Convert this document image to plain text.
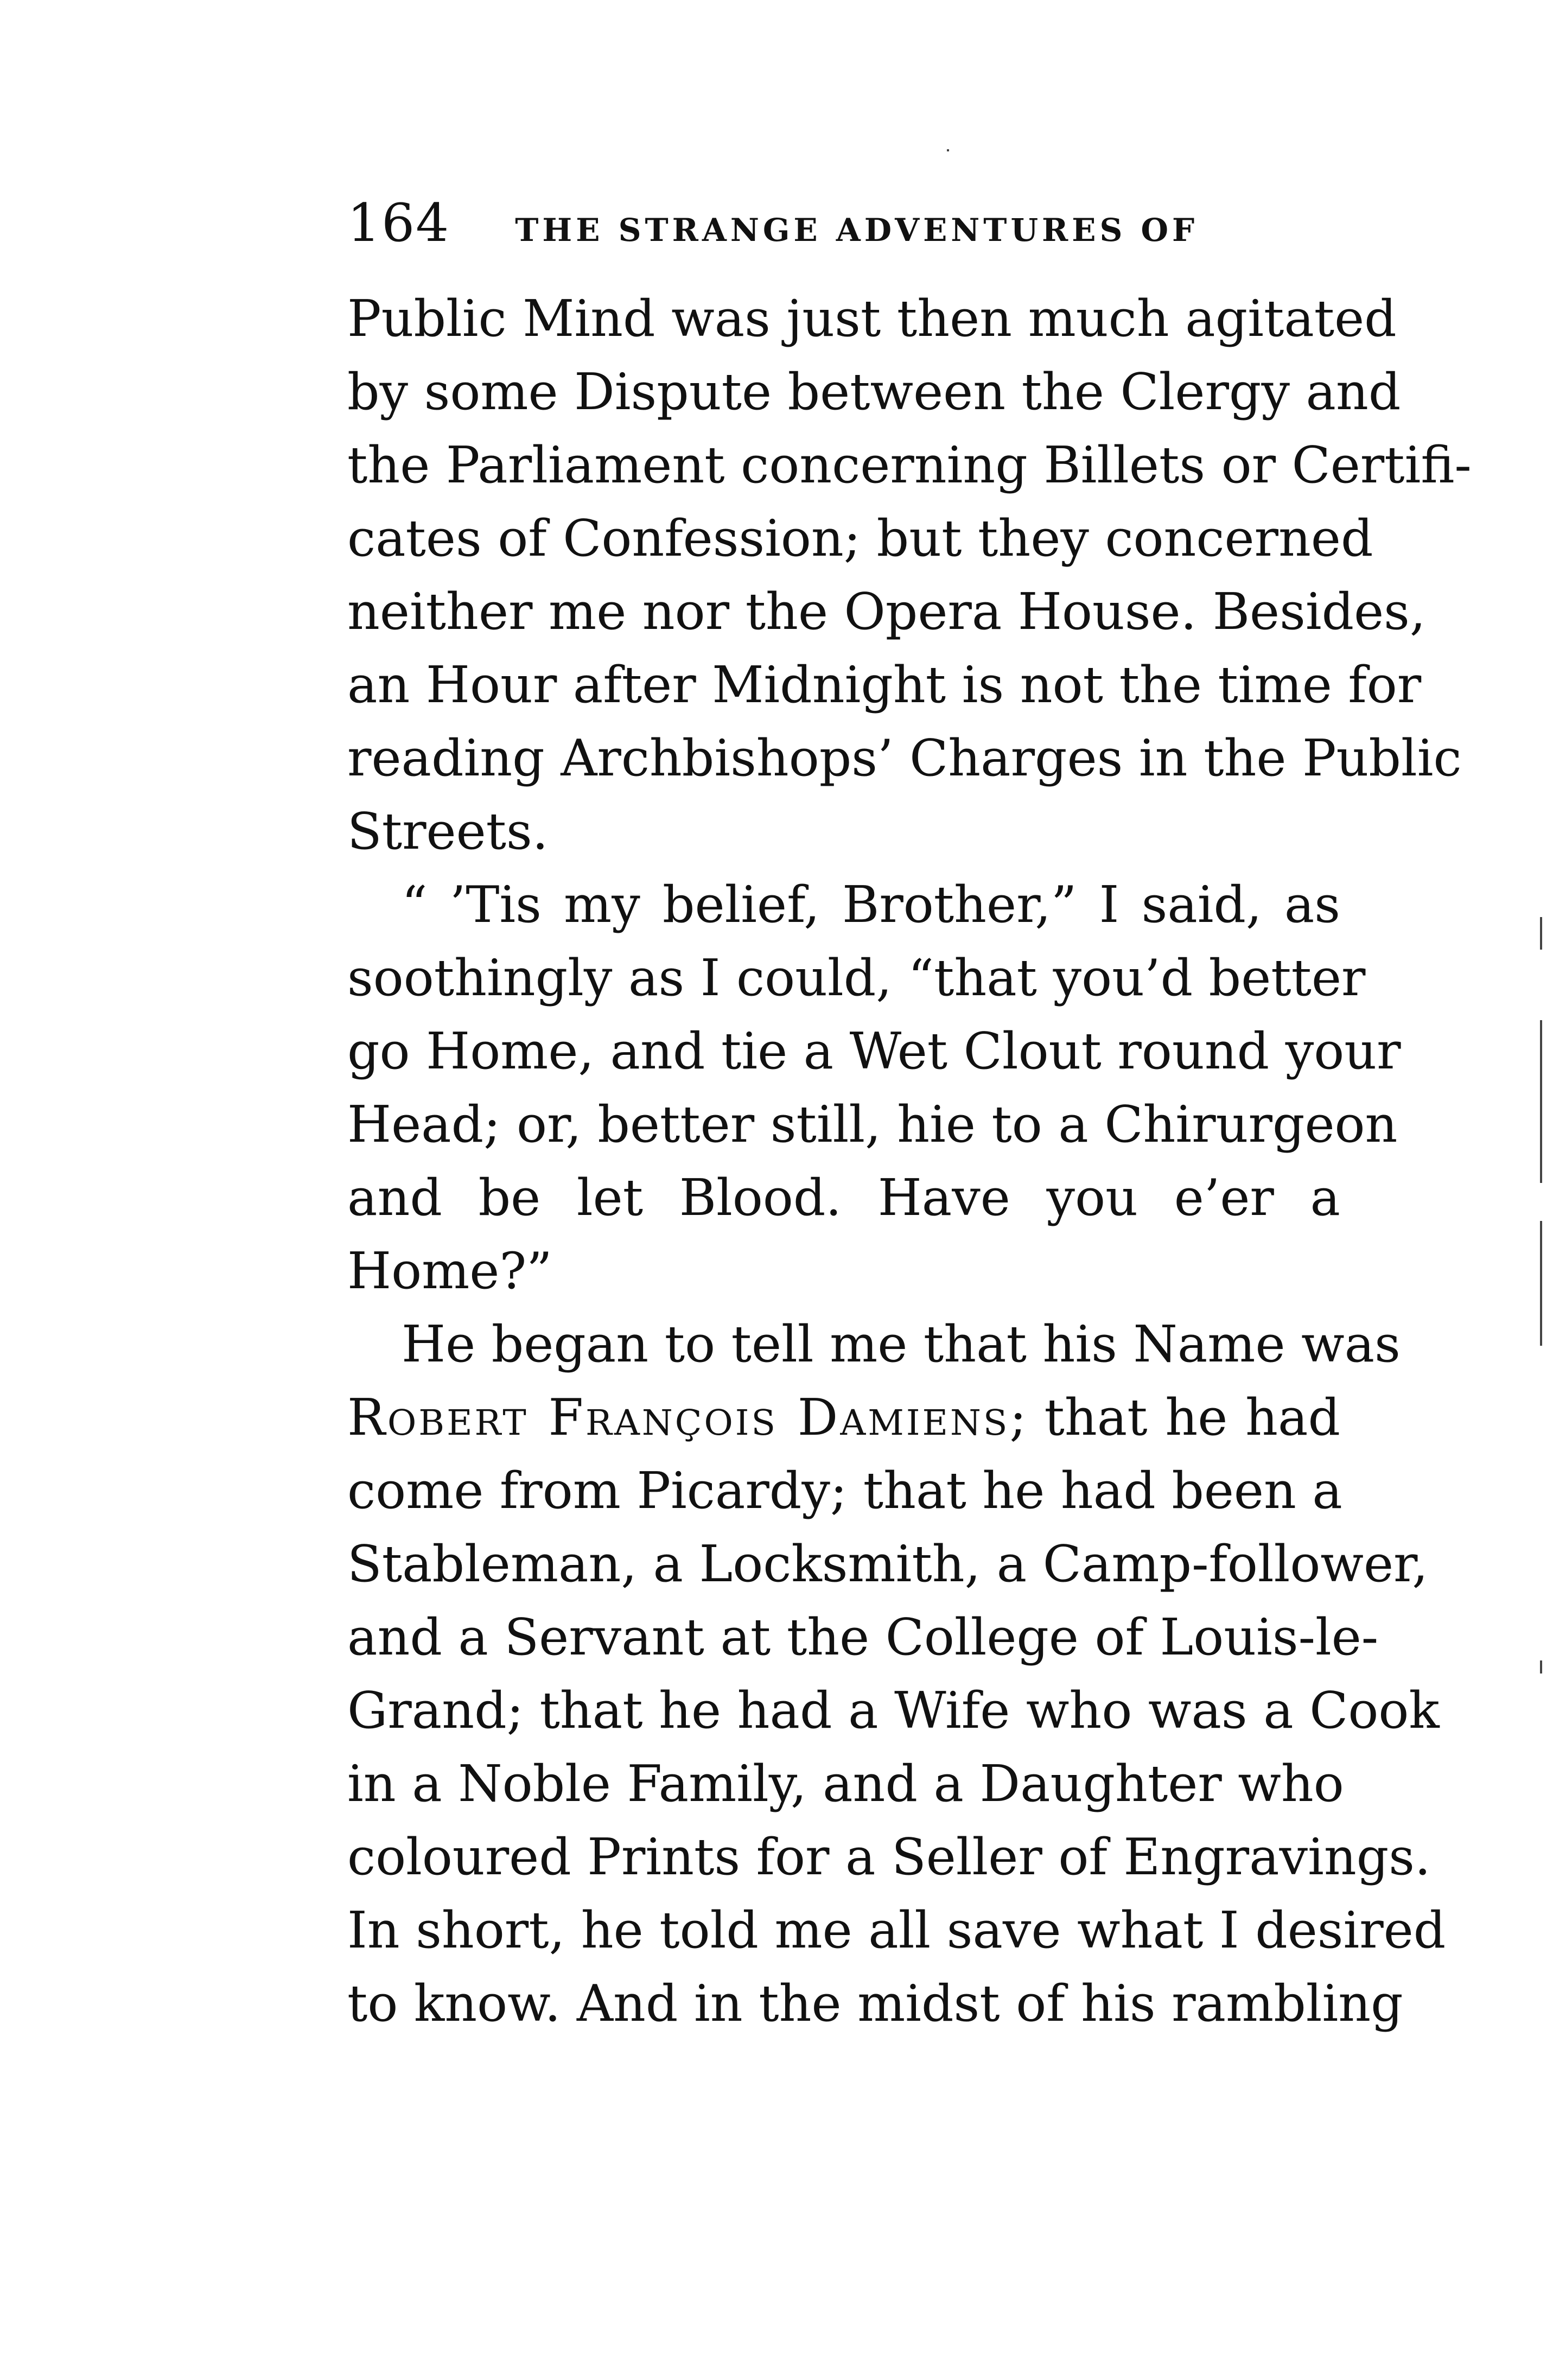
164 THE STRANGE ADVENTURES OF
Public Mind was just then much agitated
by some Dispute between the Clergy and
the Parliament concerning Billets or Certifi-
cates of Confession; but they concerned
neither me nor the Opera House. Besides,
an Hour after Midnight is not the time for
reading Archbishops’ Charges in the Public
Streets.
“ ’Tis my belief, Brother,” I said, as
soothingly as I could, “that you’d better
go Home, and tie a Wet Clout round your
Head; or, better still, hie to a Chirurgeon
and be let Blood. Have you e’er a
Home?”
He began to tell me that his Name was
Robert François Damiens; that he had
come from Picardy; that he had been a
Stableman, a Locksmith, a Camp-follower,
and a Servant at the College of Louis-le-
Grand; that he had a Wife who was a Cook
in a Noble Family, and a Daughter who
coloured Prints for a Seller of Engravings.
In short, he told me all save what I desired
to know. And in the midst of his rambling
